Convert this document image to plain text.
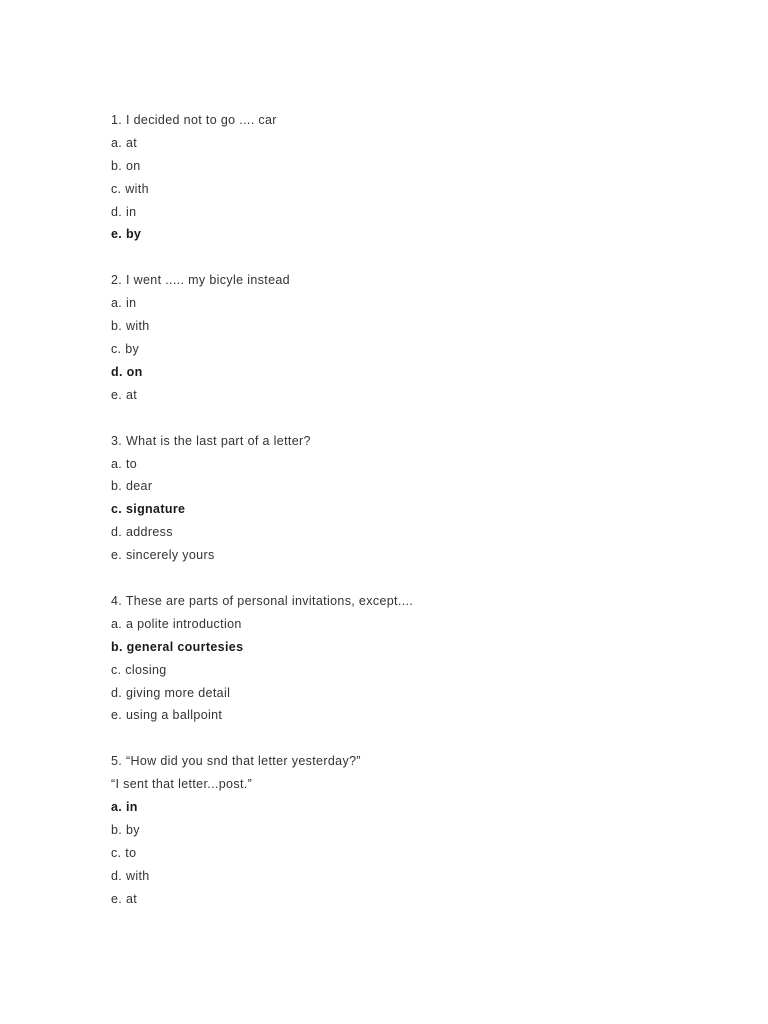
1. I decided not to go .... car
a. at
b. on
c. with
d. in
e. by
2. I went ..... my bicyle instead
a. in
b. with
c. by
d. on
e. at
3. What is the last part of a letter?
a. to
b. dear
c. signature
d. address
e. sincerely yours
4. These are parts of personal invitations, except....
a. a polite introduction
b. general courtesies
c. closing
d. giving more detail
e. using a ballpoint
5. “How did you snd that letter yesterday?”
“I sent that letter...post.”
a. in
b. by
c. to
d. with
e. at
